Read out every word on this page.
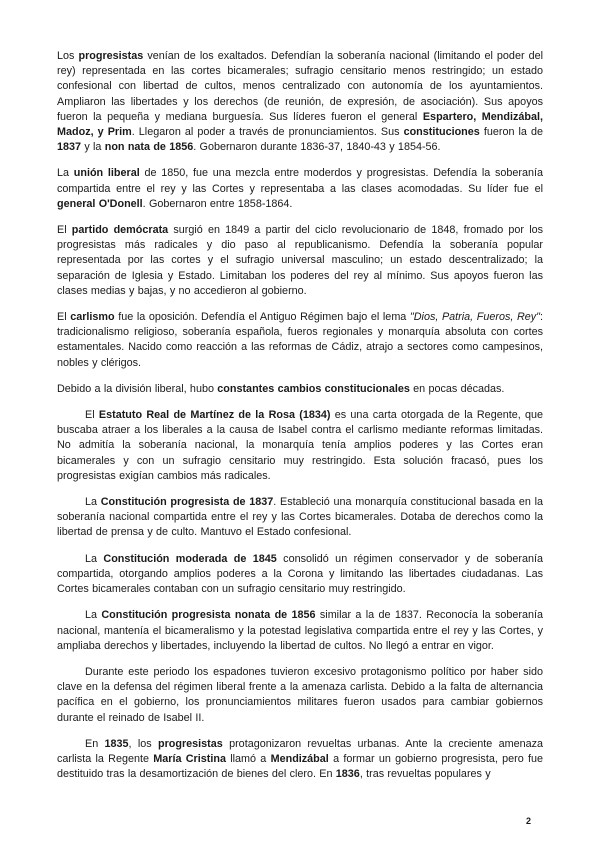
Los progresistas venían de los exaltados. Defendían la soberanía nacional (limitando el poder del rey) representada en las cortes bicamerales; sufragio censitario menos restringido; un estado confesional con libertad de cultos, menos centralizado con autonomía de los ayuntamientos. Ampliaron las libertades y los derechos (de reunión, de expresión, de asociación). Sus apoyos fueron la pequeña y mediana burguesía. Sus líderes fueron el general Espartero, Mendizábal, Madoz, y Prim. Llegaron al poder a través de pronunciamientos. Sus constituciones fueron la de 1837 y la non nata de 1856. Gobernaron durante 1836-37, 1840-43 y 1854-56.

La unión liberal de 1850, fue una mezcla entre moderdos y progresistas. Defendía la soberanía compartida entre el rey y las Cortes y representaba a las clases acomodadas. Su líder fue el general O'Donell. Gobernaron entre 1858-1864.

El partido demócrata surgió en 1849 a partir del ciclo revolucionario de 1848, fromado por los progresistas más radicales y dio paso al republicanismo. Defendía la soberanía popular representada por las cortes y el sufragio universal masculino; un estado descentralizado; la separación de Iglesia y Estado. Limitaban los poderes del rey al mínimo. Sus apoyos fueron las clases medias y bajas, y no accedieron al gobierno.

El carlismo fue la oposición. Defendía el Antiguo Régimen bajo el lema "Dios, Patria, Fueros, Rey": tradicionalismo religioso, soberanía española, fueros regionales y monarquía absoluta con cortes estamentales. Nacido como reacción a las reformas de Cádiz, atrajo a sectores como campesinos, nobles y clérigos.

Debido a la división liberal, hubo constantes cambios constitucionales en pocas décadas.

El Estatuto Real de Martínez de la Rosa (1834) es una carta otorgada de la Regente, que buscaba atraer a los liberales a la causa de Isabel contra el carlismo mediante reformas limitadas. No admitía la soberanía nacional, la monarquía tenía amplios poderes y las Cortes eran bicamerales y con un sufragio censitario muy restringido. Esta solución fracasó, pues los progresistas exigían cambios más radicales.

La Constitución progresista de 1837. Estableció una monarquía constitucional basada en la soberanía nacional compartida entre el rey y las Cortes bicamerales. Dotaba de derechos como la libertad de prensa y de culto. Mantuvo el Estado confesional.

La Constitución moderada de 1845 consolidó un régimen conservador y de soberanía compartida, otorgando amplios poderes a la Corona y limitando las libertades ciudadanas. Las Cortes bicamerales contaban con un sufragio censitario muy restringido.

La Constitución progresista nonata de 1856 similar a la de 1837. Reconocía la soberanía nacional, mantenía el bicameralismo y la potestad legislativa compartida entre el rey y las Cortes, y ampliaba derechos y libertades, incluyendo la libertad de cultos. No llegó a entrar en vigor.

Durante este periodo los espadones tuvieron excesivo protagonismo político por haber sido clave en la defensa del régimen liberal frente a la amenaza carlista. Debido a la falta de alternancia pacífica en el gobierno, los pronunciamientos militares fueron usados para cambiar gobiernos durante el reinado de Isabel II.

En 1835, los progresistas protagonizaron revueltas urbanas. Ante la creciente amenaza carlista la Regente María Cristina llamó a Mendizábal a formar un gobierno progresista, pero fue destituido tras la desamortización de bienes del clero. En 1836, tras revueltas populares y

2
